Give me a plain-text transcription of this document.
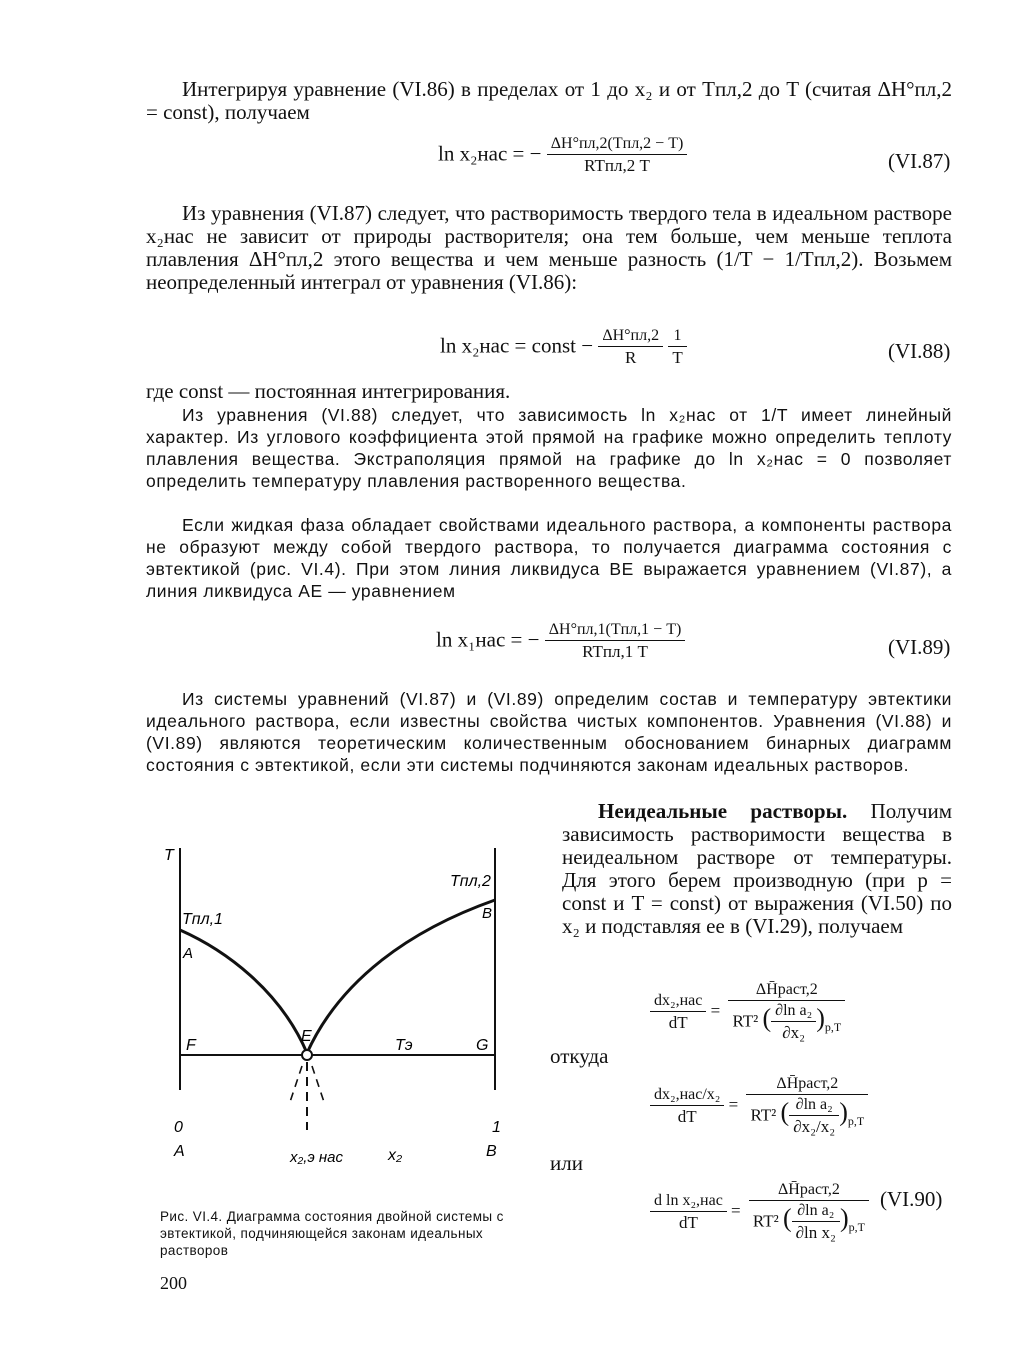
Интегрируя уравнение (VI.86) в пределах от 1 до x₂ и от Tпл,2 до T (считая ΔH°пл,2 = const), получаем
ln x₂нас = − $\frac{\text{ΔH°пл,2(Tпл,2 − T)}}{\text{RTпл,2 T}}$	(VI.87)
Из уравнения (VI.87) следует, что растворимость твердого тела в идеальном растворе x₂нас не зависит от природы растворителя; она тем больше, чем меньше теплота плавления ΔH°пл,2 этого вещества и чем меньше разность (1/T − 1/Tпл,2). Возьмем неопределенный интеграл от уравнения (VI.86):
ln x₂нас = const − $\frac{\Delta H^\circ пл,2}{R}$
$\frac{1}{T}$	(VI.88)
где const — постоянная интегрирования.
Из уравнения (VI.88) следует, что зависимость ln x₂нас от 1/T имеет линейный характер. Из углового коэффициента этой прямой на графике можно определить теплоту плавления вещества. Экстраполяция прямой на графике до ln x₂нас = 0 позволяет определить температуру плавления растворенного вещества.
Если жидкая фаза обладает свойствами идеального раствора, а компоненты раствора не образуют между собой твердого раствора, то получается диаграмма состояния с эвтектикой (рис. VI.4). При этом линия ликвидуса BE выражается уравнением (VI.87), а линия ликвидуса AE — уравнением
ln x₁нас = − $\frac{\text{ΔH°пл,1(Tпл,1 − T)}}{\text{RTпл,1 T}}$	(VI.89)
Из системы уравнений (VI.87) и (VI.89) определим состав и температуру эвтектики идеального раствора, если известны свойства чистых компонентов. Уравнения (VI.88) и (VI.89) являются теоретическим количественным обоснованием бинарных диаграмм состояния с эвтектикой, если эти системы подчиняются законам идеальных растворов.
Неидеальные растворы. Получим зависимость растворимости вещества в неидеальном растворе от температуры. Для этого берем производную (при p = const и T = const) от выражения (VI.50) по x₂ и подставляя ее в (VI.29), получаем
$\frac{\text{dx₂,нас}}{dT} = \frac{\text{ΔH̄раст,2}}{RT^2 ( \frac{\text{∂ln a₂}}{\text{∂x₂}} )_{p,T}}$
откуда
$\frac{\text{dx₂,нас/x₂}}{dT} = \frac{\text{ΔH̄раст,2}}{RT^2 ( \frac{\text{∂ln a₂}}{\text{∂x₂/x₂}} )_{p,T}}$
или
$\frac{\text{d ln x₂,нас}}{dT} = \frac{\text{ΔH̄раст,2}}{RT^2 ( \frac{\text{∂ln a₂}}{\text{∂ln x₂}} )_{p,T}} (VI.90)$
T
Tпл,1
Tпл,2
A
B
E
F	G
Tэ
0	1
A	B
x₂,э нас	x₂
Рис. VI.4. Диаграмма состояния двойной системы с эвтектикой, подчиняющейся законам идеальных растворов
200
